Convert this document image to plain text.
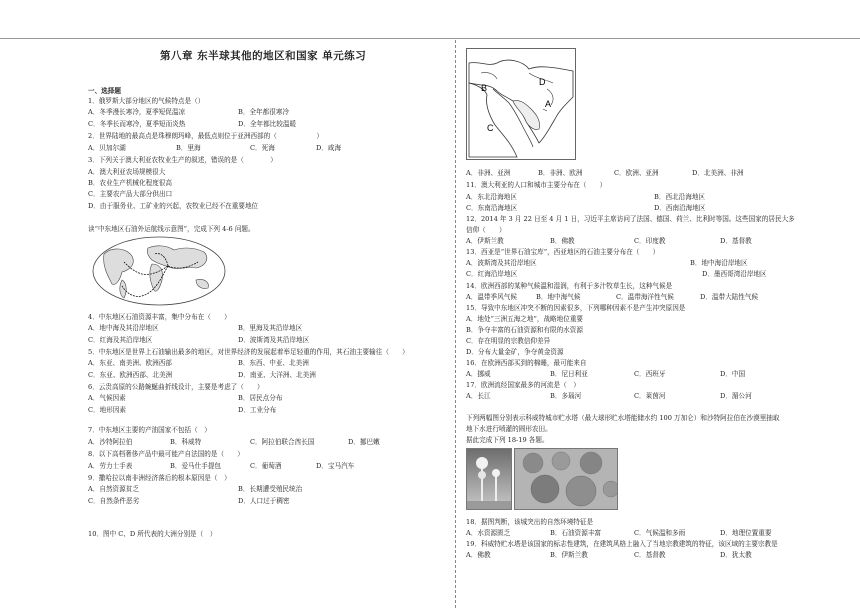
第八章 东半球其他的地区和国家 单元练习
一、选择题
1．俄罗斯大部分地区的气候特点是（）
A．冬季漫长寒冷，夏季短促温凉	B．全年都很寒冷
C．冬季长而寒冷，夏季短而炎热	D．全年都比较温暖
2．世界陆地的最高点是珠穆朗玛峰，最低点则位于亚洲西部的（　　　　　　）
A．贝加尔湖	B．里海	C．死海	D．咸海
3．下列关于澳大利亚农牧业生产的叙述，错误的是（　　　　）
A．澳大利亚农场规模很大
B．农业生产机械化程度很高
C．主要农产品大部分供出口
D．由于服务业、工矿业的兴起，农牧业已经不在重要地位
读“中东地区石油外运航线示意图”，完成下列 4-6 问题。
4．中东地区石油资源丰富，集中分布在（　　）
A．地中海及其沿岸地区	B．里海及其沿岸地区
C．红海及其沿岸地区	D．波斯湾及其沿岸地区
5．中东地区是世界上石油输出最多的地区，对世界经济的发展起着举足轻重的作用，其石油主要输往（　　）
A．东亚、南美洲、欧洲西部	B．东西、中亚、北美洲
C．东亚、欧洲西部、北美洲	D．南亚、大洋洲、北美洲
6．云贵高原的公路蜿蜒曲折线设计，主要是考虑了（　　）
A．气候因素	B．居民点分布
C．地形因素	D．工业分布
7．中东地区主要的产油国家不包括（　）
A．沙特阿拉伯	B．科威特	C．阿拉伯联合酋长国	D．挪巴嫩
8．以下高档奢侈产品中最可能产自法国的是（　　）
A．劳力士手表	B．爱马仕手提包	C．葡萄酒	D．宝马汽车
9．撒哈拉以南非洲经济落后的根本原因是（　）
A．自然资源贫乏	B．长期遭受殖民统治
C．自然条件恶劣	D．人口过于稠密
10．图中 C、D 所代表的大洲分别是（　）
B
D
A
C
A．非洲、亚洲	B．非洲、欧洲	C．欧洲、亚洲	D．北美洲、非洲
11．澳大利亚的人口和城市主要分布在（　　）
A．东北沿海地区	B．西北沿海地区
C．东南沿海地区	D．西南沿海地区
12．2014 年 3 月 22 日至 4 月 1 日，习近平主席访问了法国、德国、荷兰、比利时等国。这些国家的居民大多
信仰（　　）
A．伊斯兰教	B．佛教	C．印度教	D．基督教
13．西亚是“世界石油宝库”，西亚地区的石油主要分布在（　　）
A．波斯湾及其沿岸地区	B．地中海沿岸地区
C．红海沿岸地区	D．墨西哥湾沿岸地区
14．欧洲西部的某种气候温和湿润，有利于多汁牧草生长，这种气候是
A．温带季风气候	B．地中海气候	C．温带海洋性气候	D．温带大陆性气候
15．导致中东地区冲突不断的因素很多，下列哪种因素不是产生冲突原因是
A．地处“三洲五海之地”，战略地位重要
B．争夺丰富的石油资源和有限的水资源
C．存在明显的宗教信仰差异
D．分布大量金矿，争夺黄金资源
16．在欧洲西部买到的棉睡，最可能来自
A．挪威	B．尼日利亚	C．西班牙	D．中国
17．欧洲流经国家最多的河流是（　）
A．长江	B．多瑙河	C．莱茵河	D．湄公河
下列两幅图分别表示科威特城市贮水塔（最大球形贮水塔能储水约 100 万加仑）和沙特阿拉伯在沙漠里抽取
地下水进行喷灌的圆形农田。
据此完成下列 18-19 各题。
18．据图判断，该城突出的自然环境特征是
A．水资源匮乏	B．石油资源丰富	C．气候温和多雨	D．地理位置重要
19．科威特贮水塔是该国家的标志性建筑，在建筑风格上融入了当地宗教建筑的特征，该区域的主要宗教是
A．佛教	B．伊斯兰教	C．基督教	D．犹太教
